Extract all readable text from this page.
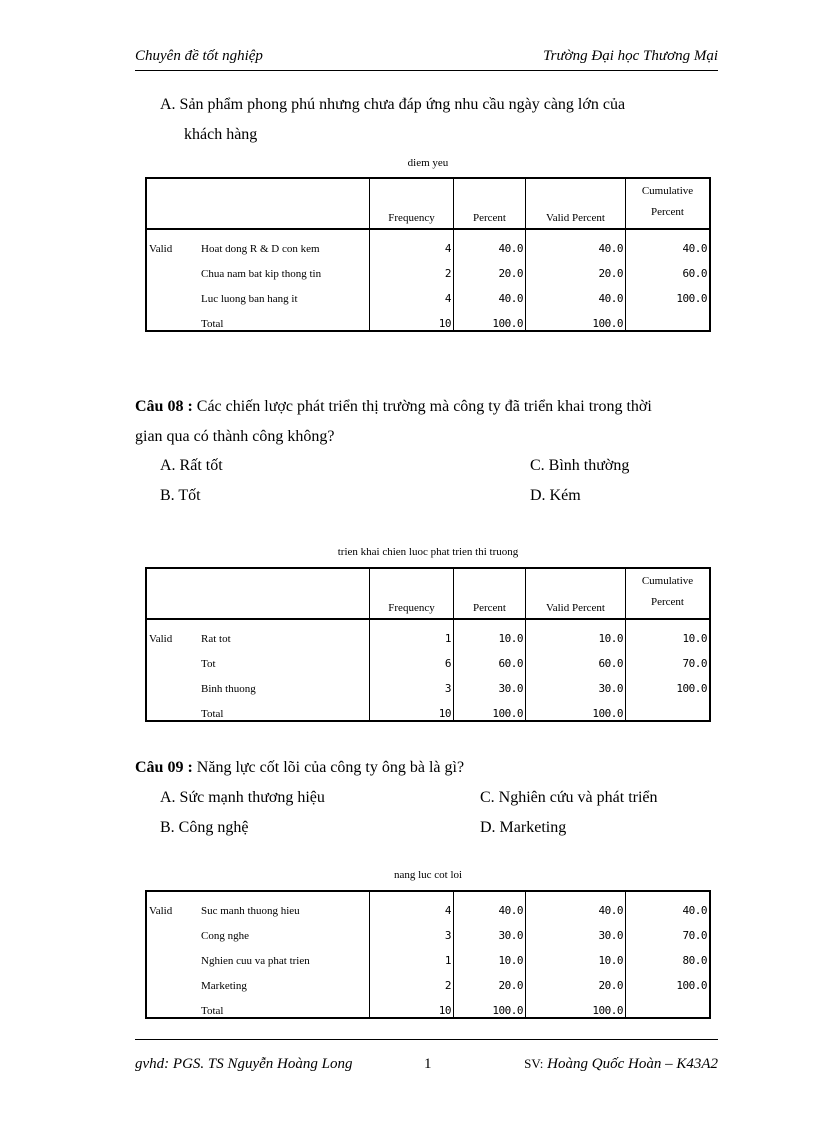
Chuyên đề tốt nghiệp	Trường Đại học Thương Mại
A. Sản phẩm phong phú nhưng chưa đáp ứng nhu cầu ngày càng lớn của
khách hàng
diem yeu
		Frequency	Percent	Valid Percent	Cumulative
Percent
Valid	Hoat dong R & D con kem	4	40.0	40.0	40.0
	Chua nam bat kip thong tin	2	20.0	20.0	60.0
	Luc luong ban hang it	4	40.0	40.0	100.0
	Total	10	100.0	100.0	
Câu 08 : Các chiến lược phát triển thị trường mà công ty đã triển khai trong thời
gian qua có thành công không?
A. Rất tốt	C. Bình thường
B. Tốt	D. Kém
trien khai chien luoc phat trien thi truong
		Frequency	Percent	Valid Percent	Cumulative
Percent
Valid	Rat tot	1	10.0	10.0	10.0
	Tot	6	60.0	60.0	70.0
	Binh thuong	3	30.0	30.0	100.0
	Total	10	100.0	100.0	
Câu 09 : Năng lực cốt lõi của công ty ông bà là gì?
A. Sức mạnh thương hiệu	C. Nghiên cứu và phát triển
B. Công nghệ	D. Marketing
nang luc cot loi
Valid	Suc manh thuong hieu	4	40.0	40.0	40.0
	Cong nghe	3	30.0	30.0	70.0
	Nghien cuu va phat trien	1	10.0	10.0	80.0
	Marketing	2	20.0	20.0	100.0
	Total	10	100.0	100.0	
gvhd: PGS. TS Nguyễn Hoàng Long	1	SV: Hoàng Quốc Hoàn – K43A2
